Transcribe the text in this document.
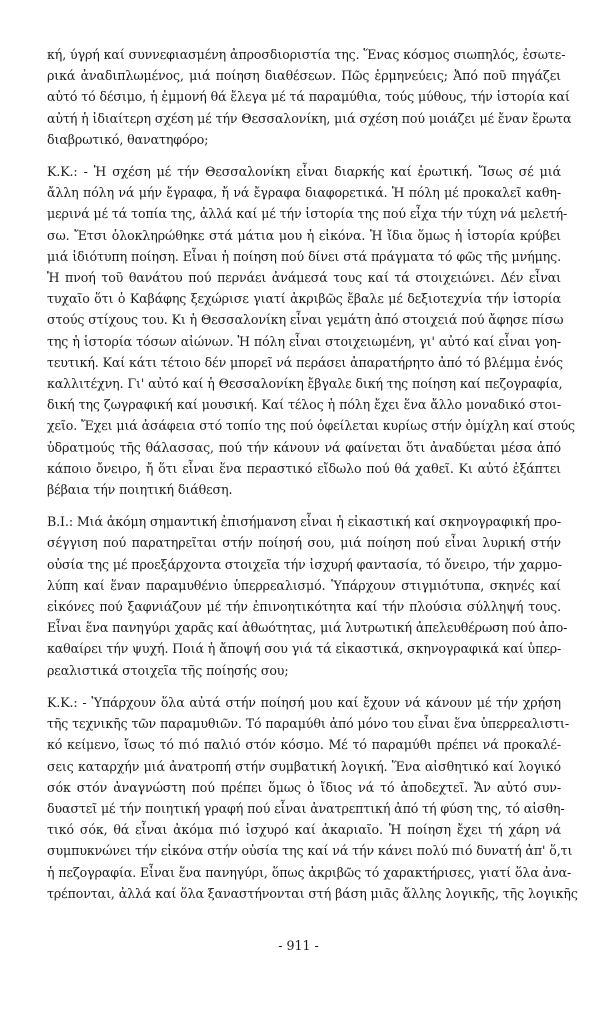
κή, ύγρή καί συννεφιασμένη ἀπροσδιοριστία της. Ἕνας κόσμος σιωπηλός, ἐσωτε-
ρικά ἀναδιπλωμένος, μιά ποίηση διαθέσεων. Πῶς ἑρμηνεύεις; Ἀπό ποῦ πηγάζει
αὐτό τό δέσιμο, ἡ ἐμμονή θά ἔλεγα μέ τά παραμύθια, τούς μύθους, τήν ἱστορία καί
αὐτή ἡ ἰδιαίτερη σχέση μέ τήν Θεσσαλονίκη, μιά σχέση πού μοιάζει μέ ἔναν ἔρωτα
διαβρωτικό, θανατηφόρο;

Κ.Κ.: - Ἡ σχέση μέ τήν Θεσσαλονίκη εἶναι διαρκής καί ἐρωτική. Ἴσως σέ μιά
ἄλλη πόλη νά μήν ἔγραφα, ἤ νά ἔγραφα διαφορετικά. Ἡ πόλη μέ προκαλεῖ καθη-
μερινά μέ τά τοπία της, ἀλλά καί μέ τήν ἱστορία της πού εἶχα τήν τύχη νά μελετή-
σω. Ἔτσι ὁλοκληρώθηκε στά μάτια μου ἡ εἰκόνα. Ἡ ἴδια ὅμως ἡ ἱστορία κρύβει
μιά ἰδιότυπη ποίηση. Εἶναι ἡ ποίηση πού δίνει στά πράγματα τό φῶς τῆς μνήμης.
Ἡ πνοή τοῦ θανάτου πού περνάει ἀνάμεσά τους καί τά στοιχειώνει. Δέν εἶναι
τυχαῖο ὅτι ὁ Καβάφης ξεχώρισε γιατί ἀκριβῶς ἔβαλε μέ δεξιοτεχνία τήν ἱστορία
στούς στίχους του. Κι ἡ Θεσσαλονίκη εἶναι γεμάτη ἀπό στοιχειά πού ἄφησε πίσω
της ἡ ἱστορία τόσων αἰώνων. Ἡ πόλη εἶναι στοιχειωμένη, γι' αὐτό καί εἶναι γοη-
τευτική. Καί κάτι τέτοιο δέν μπορεῖ νά περάσει ἀπαρατήρητο ἀπό τό βλέμμα ἑνός
καλλιτέχνη. Γι' αὐτό καί ἡ Θεσσαλονίκη ἔβγαλε δική της ποίηση καί πεζογραφία,
δική της ζωγραφική καί μουσική. Καί τέλος ἡ πόλη ἔχει ἕνα ἄλλο μοναδικό στοι-
χεῖο. Ἔχει μιά ἀσάφεια στό τοπίο της πού ὀφείλεται κυρίως στήν ὁμίχλη καί στούς
ὑδρατμούς τῆς θάλασσας, πού τήν κάνουν νά φαίνεται ὅτι ἀναδύεται μέσα ἀπό
κάποιο ὄνειρο, ἤ ὅτι εἶναι ἕνα περαστικό εἴδωλο πού θά χαθεῖ. Κι αὐτό ἐξάπτει
βέβαια τήν ποιητική διάθεση.

Β.Ι.: Μιά ἀκόμη σημαντική ἐπισήμανση εἶναι ἡ εἰκαστική καί σκηνογραφική προ-
σέγγιση πού παρατηρεῖται στήν ποίησή σου, μιά ποίηση πού εἶναι λυρική στήν
οὐσία της μέ προεξάρχοντα στοιχεῖα τήν ἰσχυρή φαντασία, τό ὄνειρο, τήν χαρμο-
λύπη καί ἕναν παραμυθένιο ὑπερρεαλισμό. Ὑπάρχουν στιγμιότυπα, σκηνές καί
εἰκόνες πού ξαφνιάζουν μέ τήν ἐπινοητικότητα καί τήν πλούσια σύλληψή τους.
Εἶναι ἕνα πανηγύρι χαρᾶς καί ἀθωότητας, μιά λυτρωτική ἀπελευθέρωση πού ἀπο-
καθαίρει τήν ψυχή. Ποιά ἡ ἄποψή σου γιά τά εἰκαστικά, σκηνογραφικά καί ὑπερ-
ρεαλιστικά στοιχεῖα τῆς ποίησής σου;

Κ.Κ.: - Ὑπάρχουν ὅλα αὐτά στήν ποίησή μου καί ἔχουν νά κάνουν μέ τήν χρήση
τῆς τεχνικῆς τῶν παραμυθιῶν. Τό παραμύθι ἀπό μόνο του εἶναι ἕνα ὑπερρεαλιστι-
κό κείμενο, ἴσως τό πιό παλιό στόν κόσμο. Μέ τό παραμύθι πρέπει νά προκαλέ-
σεις καταρχήν μιά ἀνατροπή στήν συμβατική λογική. Ἕνα αἰσθητικό καί λογικό
σόκ στόν ἀναγνώστη πού πρέπει ὅμως ὁ ἴδιος νά τό ἀποδεχτεῖ. Ἄν αὐτό συν-
δυαστεῖ μέ τήν ποιητική γραφή πού εἶναι ἀνατρεπτική ἀπό τή φύση της, τό αἰσθη-
τικό σόκ, θά εἶναι ἀκόμα πιό ἰσχυρό καί ἀκαριαῖο. Ἡ ποίηση ἔχει τή χάρη νά
συμπυκνώνει τήν εἰκόνα στήν οὐσία της καί νά τήν κάνει πολύ πιό δυνατή ἀπ' ὅ,τι
ἡ πεζογραφία. Εἶναι ἕνα πανηγύρι, ὅπως ἀκριβῶς τό χαρακτήρισες, γιατί ὅλα ἀνα-
τρέπονται, ἀλλά καί ὅλα ξαναστήνονται στή βάση μιᾶς ἄλλης λογικῆς, τῆς λογικῆς

- 911 -
